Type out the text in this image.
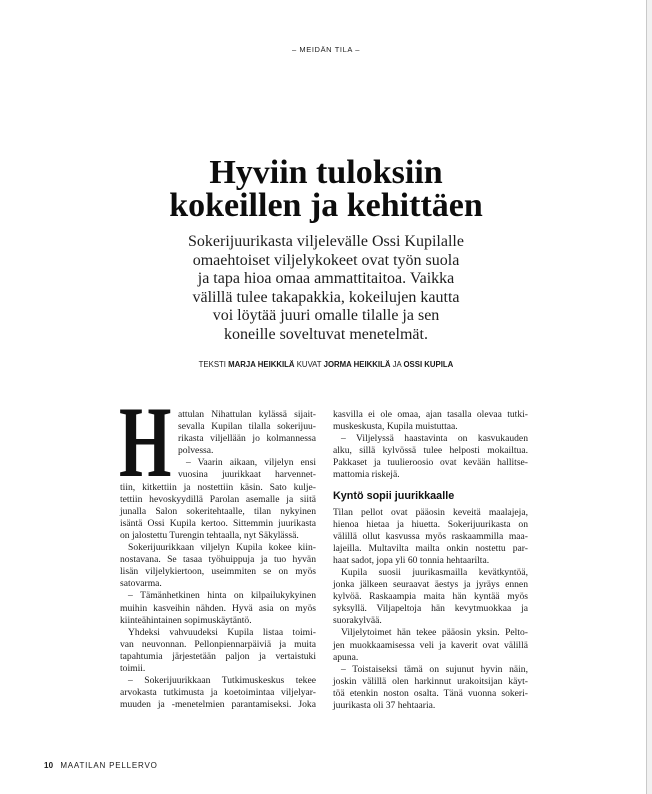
– MEIDÄN TILA –
Hyviin tuloksiin
kokeillen ja kehittäen
Sokerijuurikasta viljelevälle Ossi Kupilalle
omaehtoiset viljelykokeet ovat työn suola
ja tapa hioa omaa ammattitaitoa. Vaikka
välillä tulee takapakkia, kokeilujen kautta
voi löytää juuri omalle tilalle ja sen
koneille soveltuvat menetelmät.
TEKSTI MARJA HEIKKILÄ KUVAT JORMA HEIKKILÄ JA OSSI KUPILA
H attulan Nihattulan kylässä sijait-
sevalla Kupilan tilalla sokerijuu-
rikasta viljellään jo kolmannessa
polvessa.
– Vaarin aikaan, viljelyn ensi
vuosina juurikkaat harvennet-
tiin, kitkettiin ja nostettiin käsin. Sato kulje-
tettiin hevoskyydillä Parolan asemalle ja siitä
junalla Salon sokeritehtaalle, tilan nykyinen
isäntä Ossi Kupila kertoo. Sittemmin juurikasta
on jalostettu Turengin tehtaalla, nyt Säkylässä.
Sokerijuurikkaan viljelyn Kupila kokee kiin-
nostavana. Se tasaa työhuippuja ja tuo hyvän
lisän viljelykiertoon, useimmiten se on myös
satovarma.
– Tämänhetkinen hinta on kilpailukykyinen
muihin kasveihin nähden. Hyvä asia on myös
kiinteähintainen sopimuskäytäntö.
Yhdeksi vahvuudeksi Kupila listaa toimi-
van neuvonnan. Pellonpiennarpäiviä ja muita
tapahtumia järjestetään paljon ja vertaistuki
toimii.
– Sokerijuurikkaan Tutkimuskeskus tekee
arvokasta tutkimusta ja koetoimintaa viljelyar-
muuden ja -menetelmien parantamiseksi. Joka
kasvilla ei ole omaa, ajan tasalla olevaa tutki-
muskeskusta, Kupila muistuttaa.
– Viljelyssä haastavinta on kasvukauden
alku, sillä kylvössä tulee helposti mokailtua.
Pakkaset ja tuulieroosio ovat kevään hallitse-
mattomia riskejä.
Kyntö sopii juurikkaalle
Tilan pellot ovat pääosin keveitä maalajeja,
hienoa hietaa ja hiuetta. Sokerijuurikasta on
välillä ollut kasvussa myös raskaammilla maa-
lajeilla. Multavilta mailta onkin nostettu par-
haat sadot, jopa yli 60 tonnia hehtaarilta.
Kupila suosii juurikasmailla kevätkyntöä,
jonka jälkeen seuraavat äestys ja jyräys ennen
kylvöä. Raskaampia maita hän kyntää myös
syksyllä. Viljapeltoja hän kevytmuokkaa ja
suorakylvää.
Viljelytoimet hän tekee pääosin yksin. Pelto-
jen muokkaamisessa veli ja kaverit ovat välillä
apuna.
– Toistaiseksi tämä on sujunut hyvin näin,
joskin välillä olen harkinnut urakoitsijan käyt-
töä etenkin noston osalta. Tänä vuonna sokeri-
juurikasta oli 37 hehtaaria.
10 MAATILAN PELLERVO
